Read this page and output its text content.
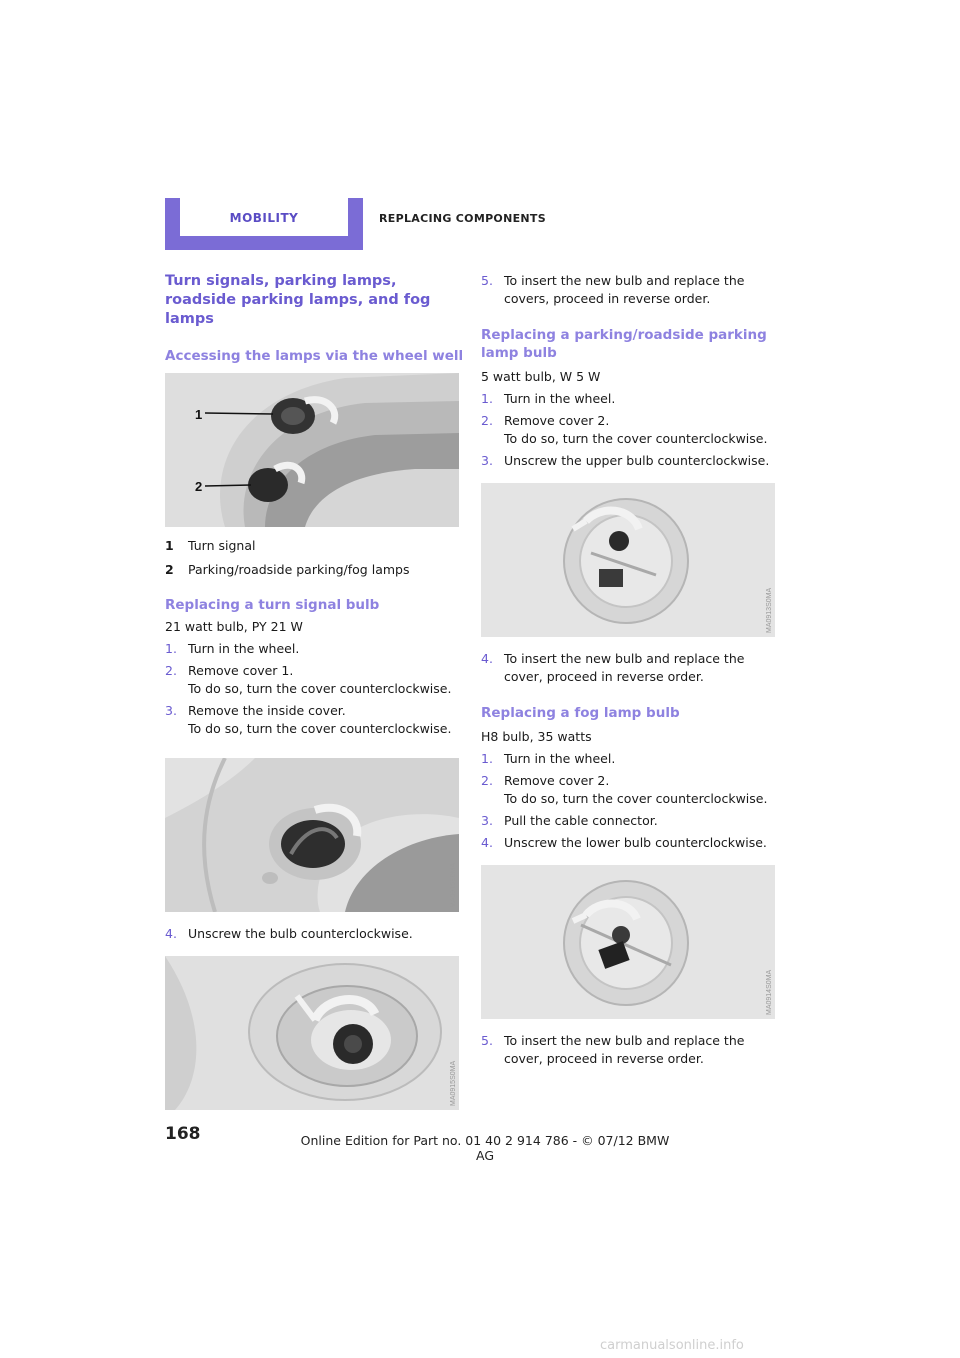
MOBILITY	REPLACING COMPONENTS
Turn signals, parking lamps, roadside parking lamps, and fog lamps
Accessing the lamps via the wheel well
1
2
1 Turn signal
2 Parking/roadside parking/fog lamps
Replacing a turn signal bulb

21 watt bulb, PY 21 W

1. Turn in the wheel.
2. Remove cover 1.
To do so, turn the cover counterclockwise.
3. Remove the inside cover.
To do so, turn the cover counterclockwise.
MA0916S0MA
4. Unscrew the bulb counterclockwise.
MA0915S0MA
5. To insert the new bulb and replace the covers, proceed in reverse order.
Replacing a parking/roadside parking lamp bulb

5 watt bulb, W 5 W

1. Turn in the wheel.
2. Remove cover 2.
To do so, turn the cover counterclockwise.
3. Unscrew the upper bulb counterclockwise.
MA0913S0MA
4. To insert the new bulb and replace the cover, proceed in reverse order.
Replacing a fog lamp bulb

H8 bulb, 35 watts

1. Turn in the wheel.
2. Remove cover 2.
To do so, turn the cover counterclockwise.
3. Pull the cable connector.
4. Unscrew the lower bulb counterclockwise.
MA0914S0MA
5. To insert the new bulb and replace the cover, proceed in reverse order.
168	Online Edition for Part no. 01 40 2 914 786 - © 07/12 BMW AG
carmanualsonline.info
